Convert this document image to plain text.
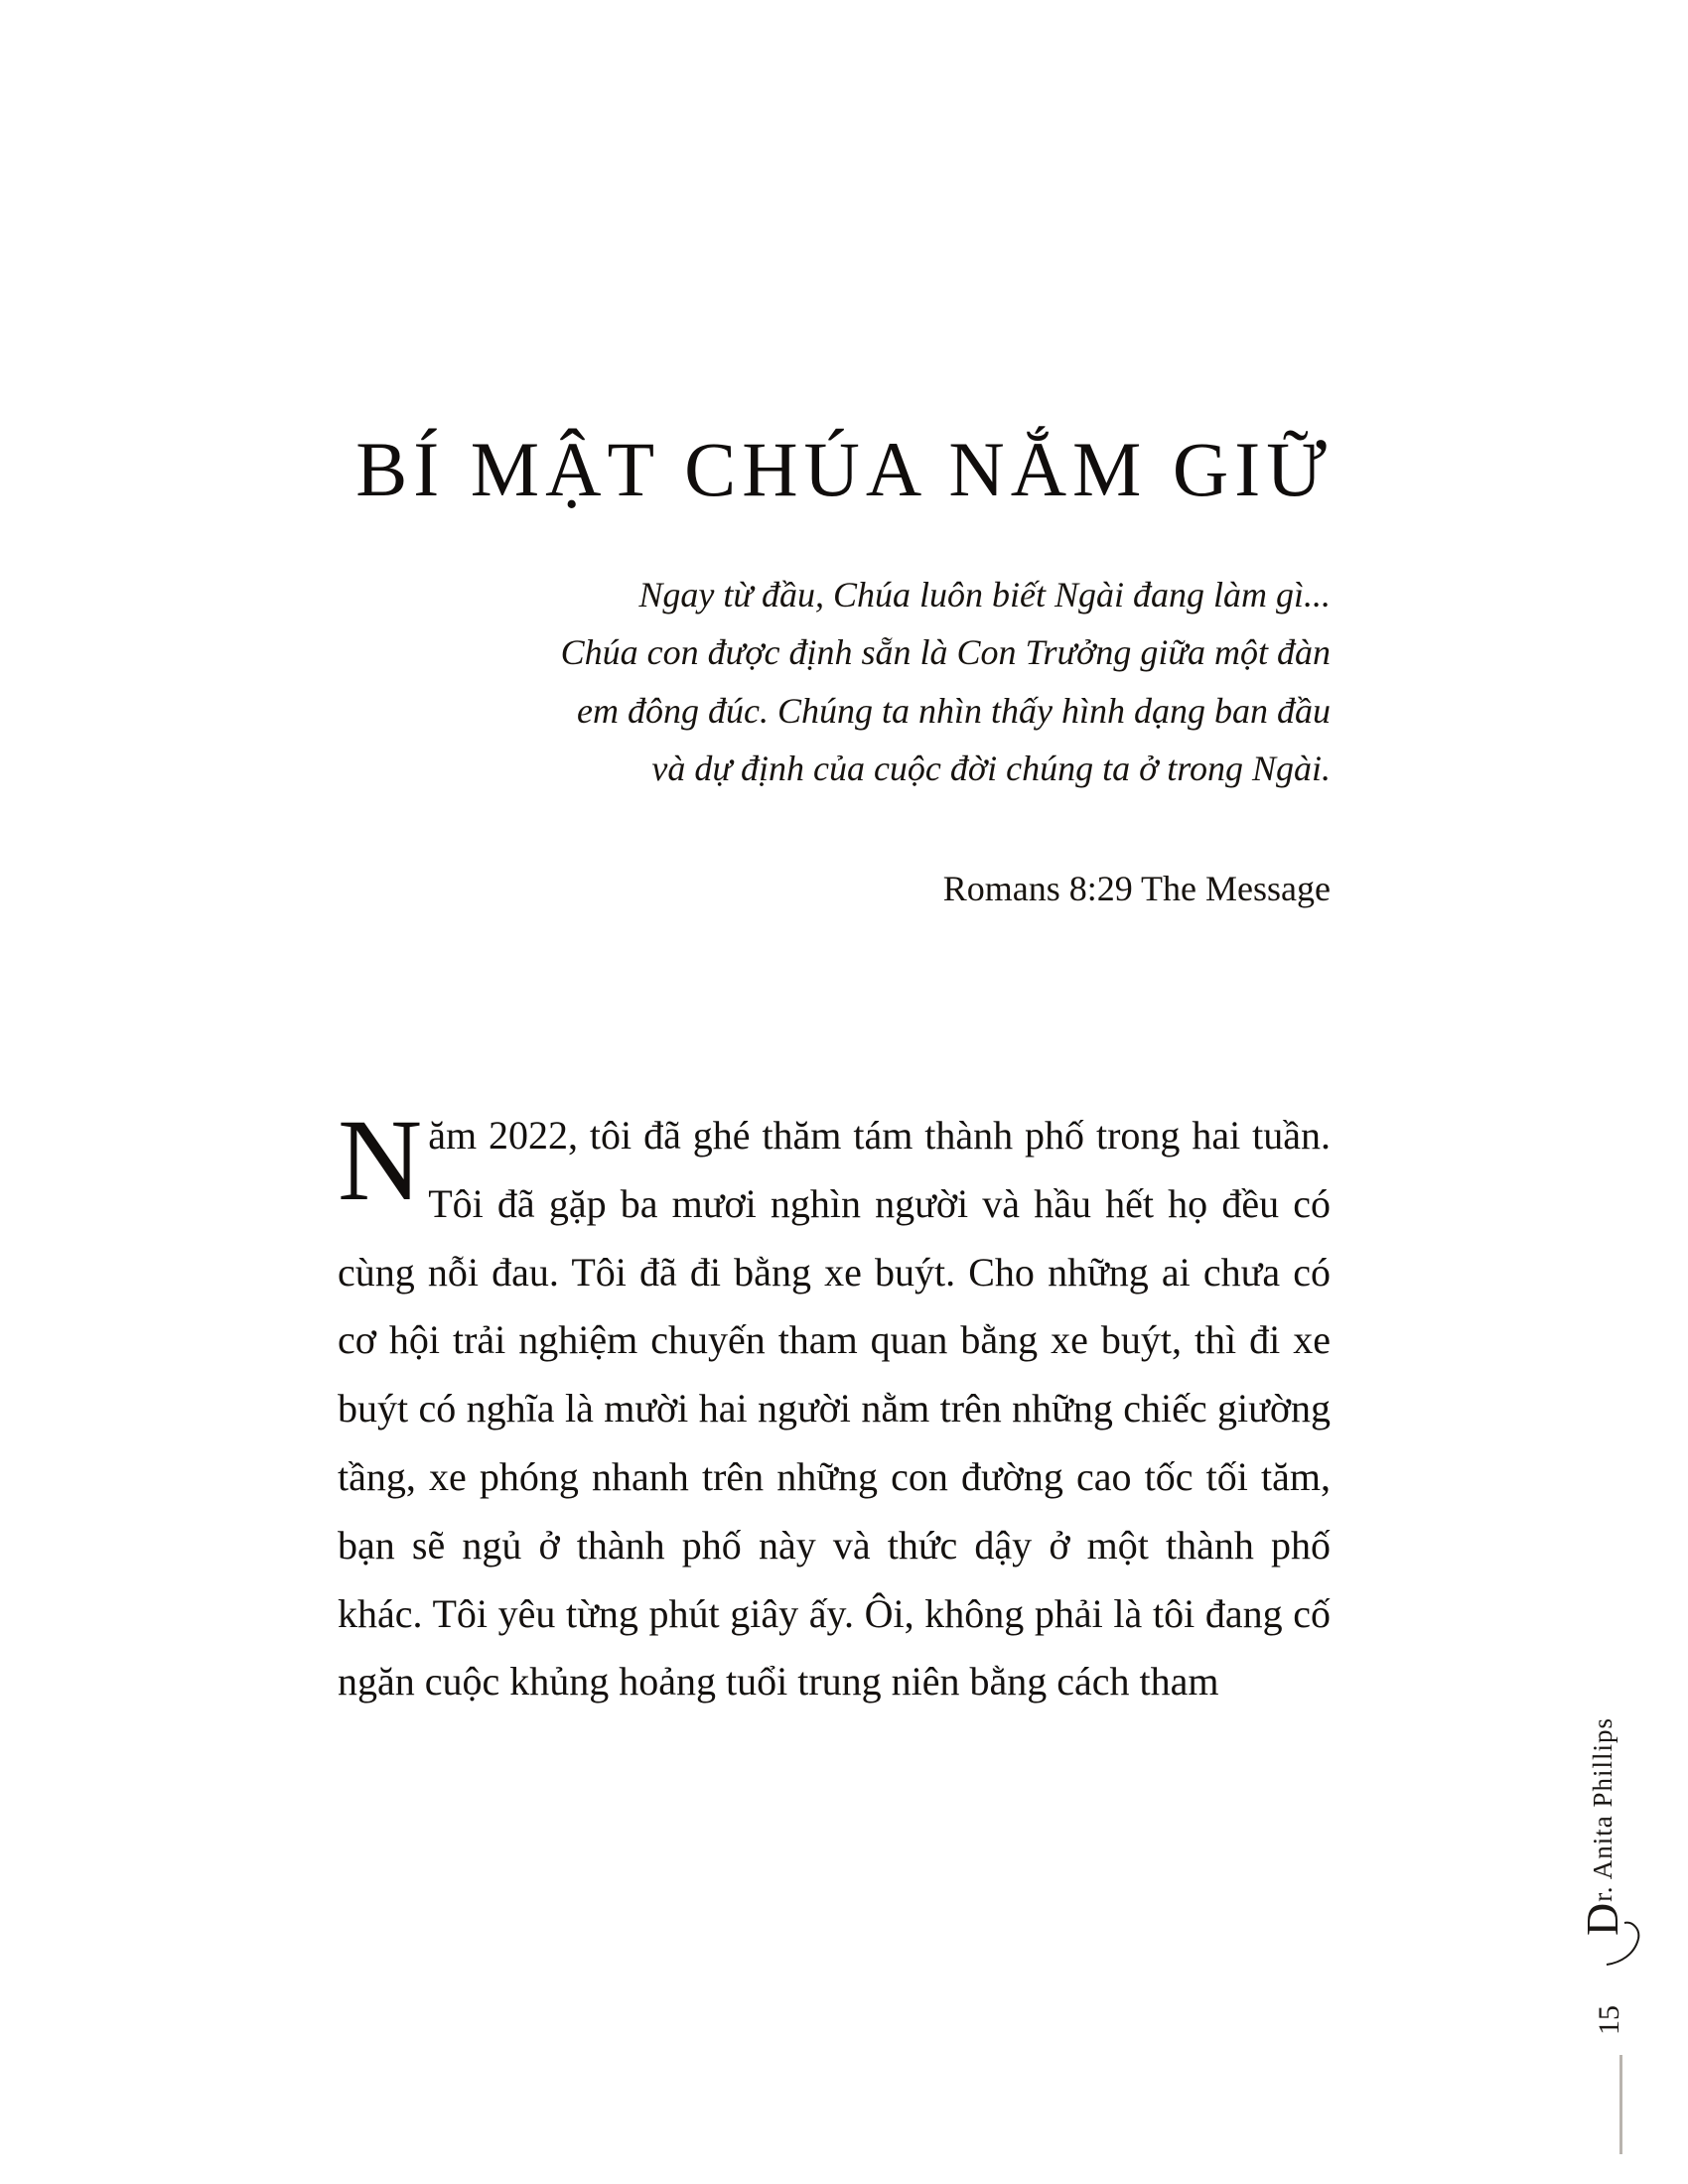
BÍ MẬT CHÚA NẮM GIỮ
Ngay từ đầu, Chúa luôn biết Ngài đang làm gì...
Chúa con được định sẵn là Con Trưởng giữa một đàn
em đông đúc. Chúng ta nhìn thấy hình dạng ban đầu
và dự định của cuộc đời chúng ta ở trong Ngài.
Romans 8:29 The Message

Năm 2022, tôi đã ghé thăm tám thành phố trong hai tuần. Tôi đã gặp ba mươi nghìn người và hầu hết họ đều có cùng nỗi đau. Tôi đã đi bằng xe buýt. Cho những ai chưa có cơ hội trải nghiệm chuyến tham quan bằng xe buýt, thì đi xe buýt có nghĩa là mười hai người nằm trên những chiếc giường tầng, xe phóng nhanh trên những con đường cao tốc tối tăm, bạn sẽ ngủ ở thành phố này và thức dậy ở một thành phố khác. Tôi yêu từng phút giây ấy. Ôi, không phải là tôi đang cố ngăn cuộc khủng hoảng tuổi trung niên bằng cách tham

Dr. Anita Phillips
15
